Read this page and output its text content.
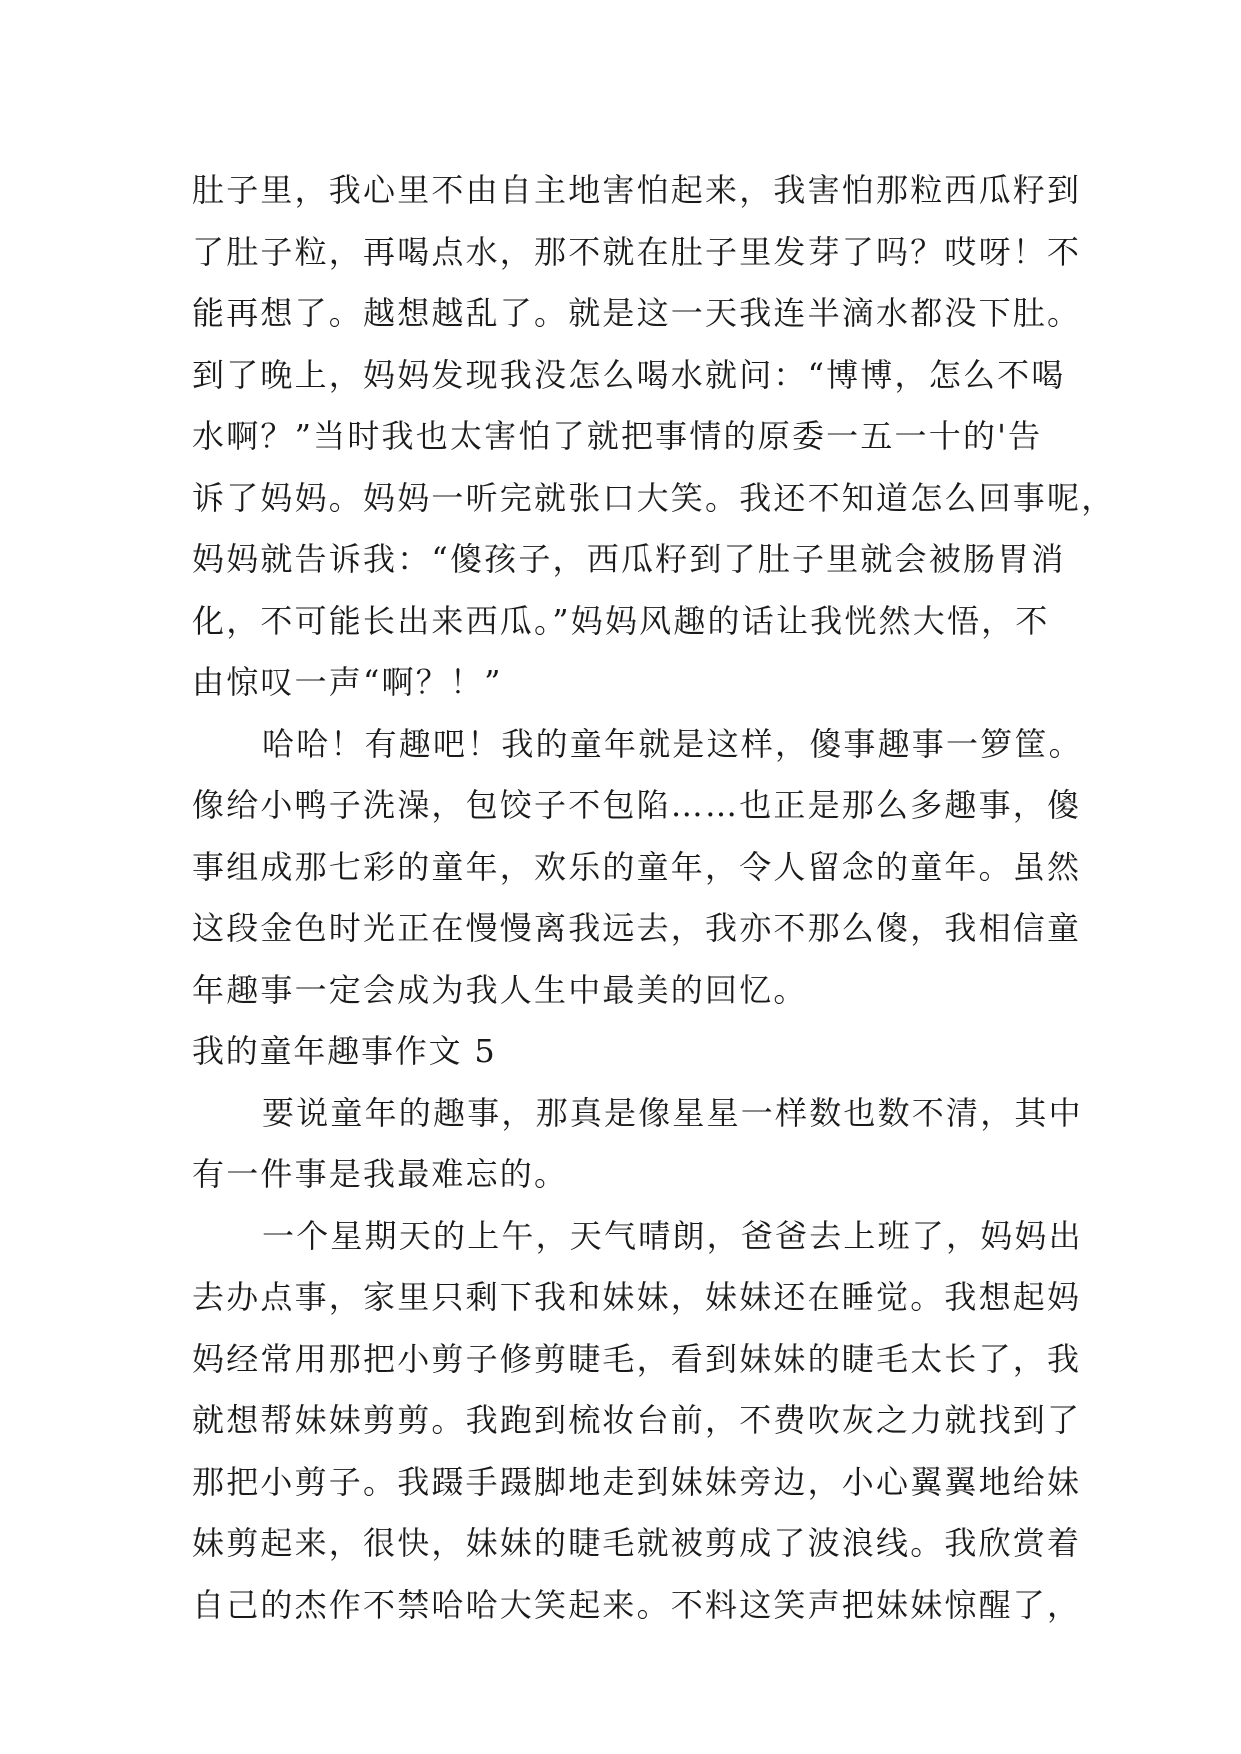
肚子里，我心里不由自主地害怕起来，我害怕那粒西瓜籽到
了肚子粒，再喝点水，那不就在肚子里发芽了吗？哎呀！不
能再想了。越想越乱了。就是这一天我连半滴水都没下肚。
到了晚上，妈妈发现我没怎么喝水就问：“博博，怎么不喝
水啊？”当时我也太害怕了就把事情的原委一五一十的'告
诉了妈妈。妈妈一听完就张口大笑。我还不知道怎么回事呢，
妈妈就告诉我：“傻孩子，西瓜籽到了肚子里就会被肠胃消
化，不可能长出来西瓜。”妈妈风趣的话让我恍然大悟，不
由惊叹一声“啊？！”
哈哈！有趣吧！我的童年就是这样，傻事趣事一箩筐。
像给小鸭子洗澡，包饺子不包陷……也正是那么多趣事，傻
事组成那七彩的童年，欢乐的童年，令人留念的童年。虽然
这段金色时光正在慢慢离我远去，我亦不那么傻，我相信童
年趣事一定会成为我人生中最美的回忆。
我的童年趣事作文 5
要说童年的趣事，那真是像星星一样数也数不清，其中
有一件事是我最难忘的。
一个星期天的上午，天气晴朗，爸爸去上班了，妈妈出
去办点事，家里只剩下我和妹妹，妹妹还在睡觉。我想起妈
妈经常用那把小剪子修剪睫毛，看到妹妹的睫毛太长了，我
就想帮妹妹剪剪。我跑到梳妆台前，不费吹灰之力就找到了
那把小剪子。我蹑手蹑脚地走到妹妹旁边，小心翼翼地给妹
妹剪起来，很快，妹妹的睫毛就被剪成了波浪线。我欣赏着
自己的杰作不禁哈哈大笑起来。不料这笑声把妹妹惊醒了，
